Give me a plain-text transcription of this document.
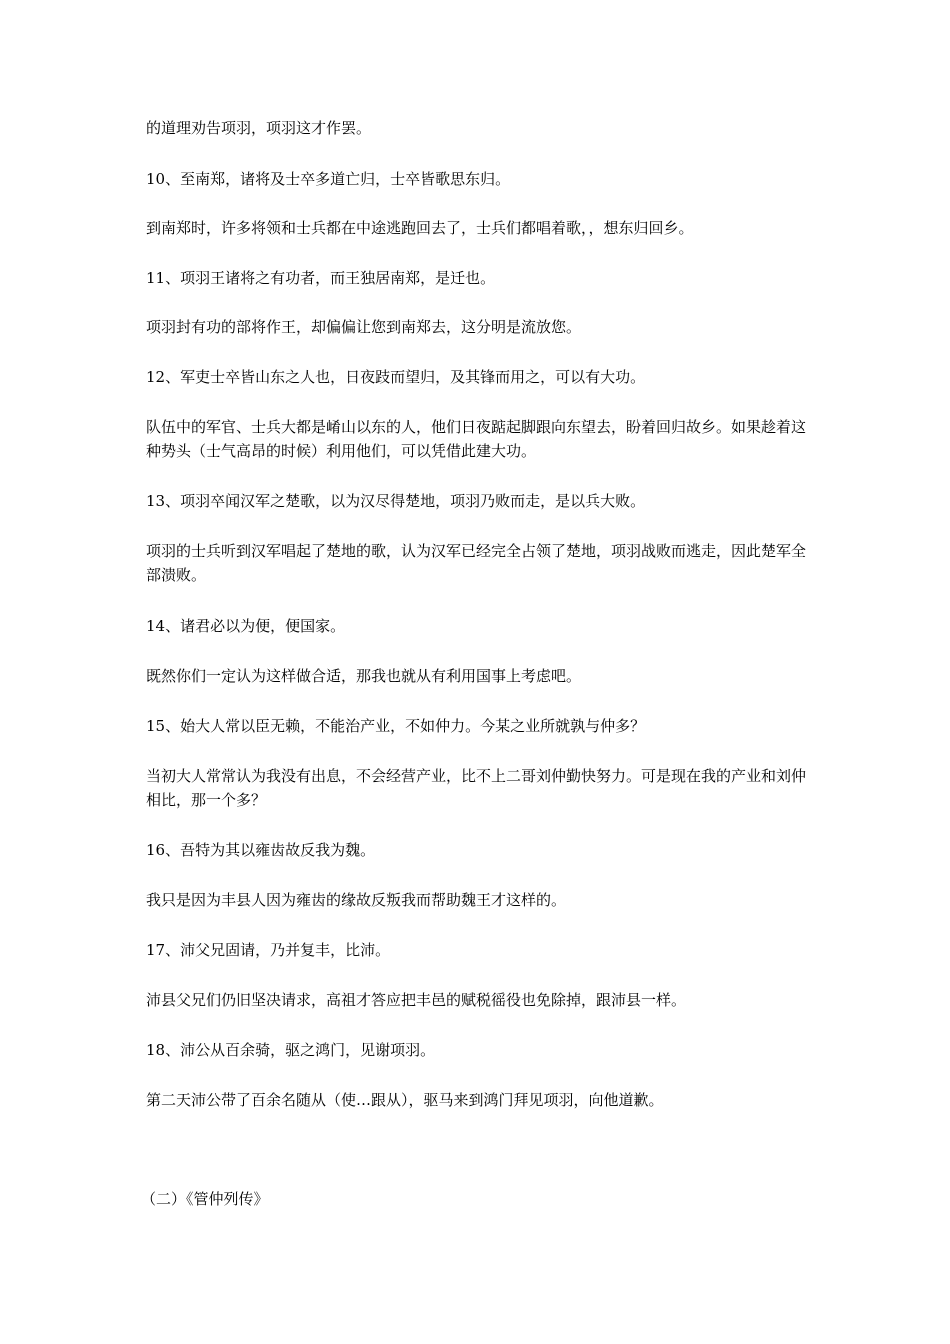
的道理劝告项羽，项羽这才作罢。

10、至南郑，诸将及士卒多道亡归，士卒皆歌思东归。

到南郑时，许多将领和士兵都在中途逃跑回去了，士兵们都唱着歌，，想东归回乡。

11、项羽王诸将之有功者，而王独居南郑，是迁也。

项羽封有功的部将作王，却偏偏让您到南郑去，这分明是流放您。

12、军吏士卒皆山东之人也，日夜跂而望归，及其锋而用之，可以有大功。

队伍中的军官、士兵大都是崤山以东的人，他们日夜踮起脚跟向东望去，盼着回归故乡。如果趁着这种势头（士气高昂的时候）利用他们，可以凭借此建大功。

13、项羽卒闻汉军之楚歌，以为汉尽得楚地，项羽乃败而走，是以兵大败。

项羽的士兵听到汉军唱起了楚地的歌，认为汉军已经完全占领了楚地，项羽战败而逃走，因此楚军全部溃败。

14、诸君必以为便，便国家。

既然你们一定认为这样做合适，那我也就从有利用国事上考虑吧。

15、始大人常以臣无赖，不能治产业，不如仲力。今某之业所就孰与仲多？

当初大人常常认为我没有出息，不会经营产业，比不上二哥刘仲勤快努力。可是现在我的产业和刘仲相比，那一个多？

16、吾特为其以雍齿故反我为魏。

我只是因为丰县人因为雍齿的缘故反叛我而帮助魏王才这样的。

17、沛父兄固请，乃并复丰，比沛。

沛县父兄们仍旧坚决请求，高祖才答应把丰邑的赋税徭役也免除掉，跟沛县一样。

18、沛公从百余骑，驱之鸿门，见谢项羽。

第二天沛公带了百余名随从（使…跟从），驱马来到鸿门拜见项羽，向他道歉。

（二）《管仲列传》
